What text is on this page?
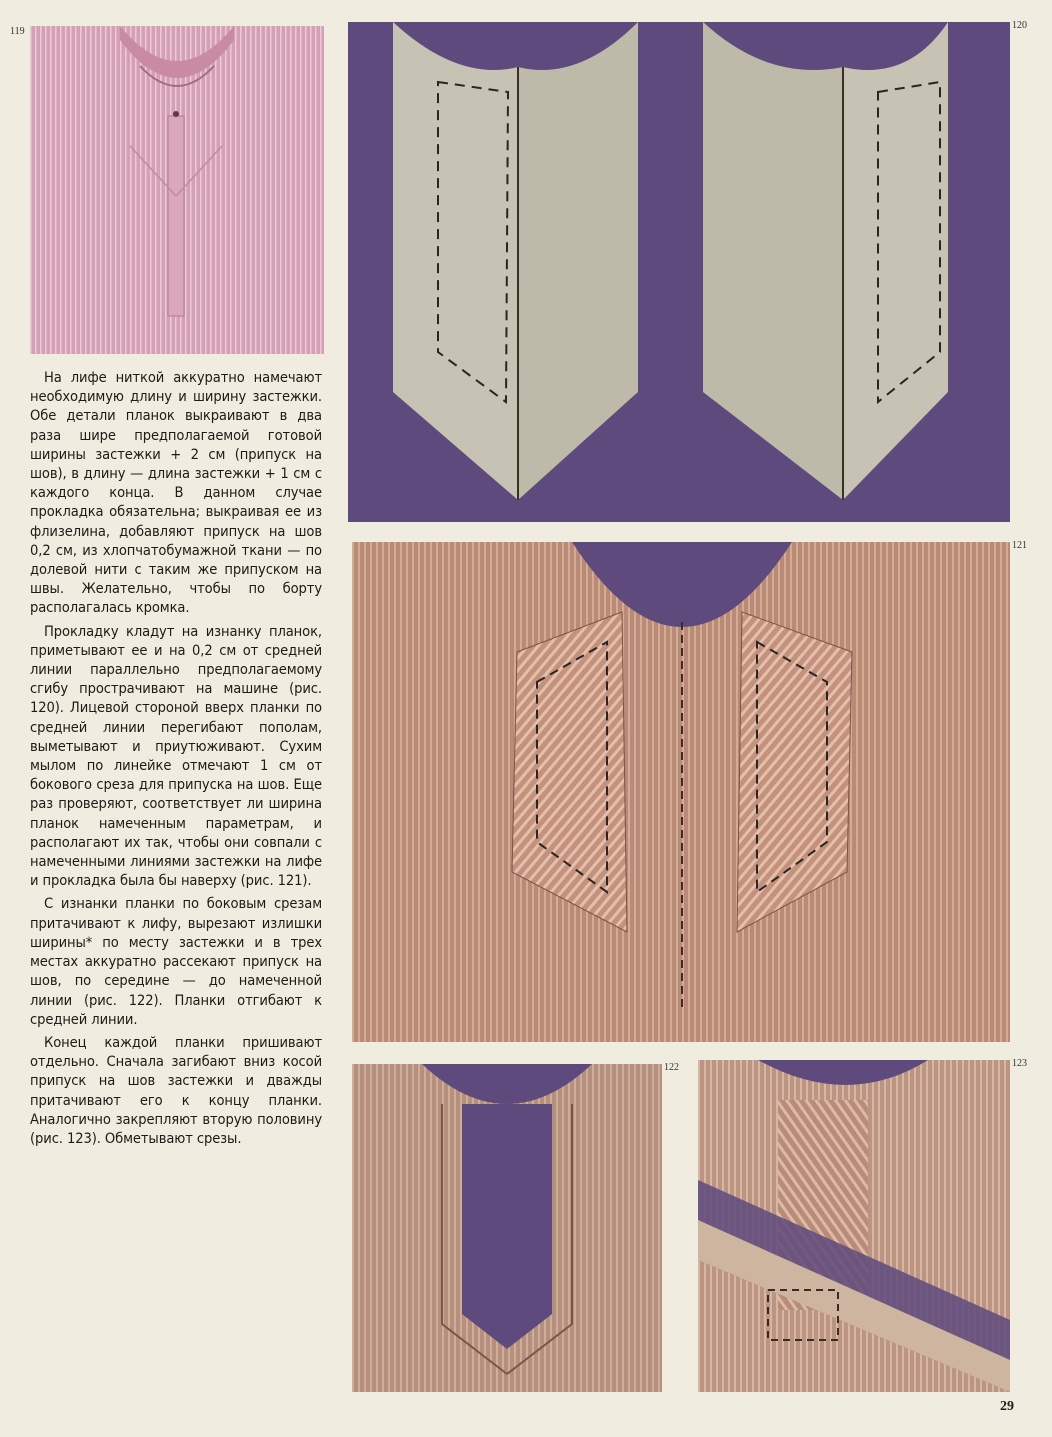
119
120
121

На лифе ниткой аккуратно намечают необходимую длину и ширину застежки. Обе детали планок выкраивают в два раза шире предполагаемой готовой ширины застежки + 2 см (припуск на шов), в длину — длина застежки + 1 см с каждого конца. В данном случае прокладка обязательна; выкраивая ее из флизелина, добавляют припуск на шов 0,2 см, из хлопчатобумажной ткани — по долевой нити с таким же припуском на швы. Желательно, чтобы по борту располагалась кромка.

Прокладку кладут на изнанку планок, приметывают ее и на 0,2 см от средней линии параллельно предполагаемому сгибу прострачивают на машине (рис. 120). Лицевой стороной вверх планки по средней линии перегибают пополам, выметывают и приутюживают. Сухим мылом по линейке отмечают 1 см от бокового среза для припуска на шов. Еще раз проверяют, соответствует ли ширина планок намеченным параметрам, и располагают их так, чтобы они совпали с намеченными линиями застежки на лифе и прокладка была бы наверху (рис. 121).

С изнанки планки по боковым срезам притачивают к лифу, вырезают излишки ширины* по месту застежки и в трех местах аккуратно рассекают припуск на шов, по середине — до намеченной линии (рис. 122). Планки отгибают к средней линии.

Конец каждой планки пришивают отдельно. Сначала загибают вниз косой припуск на шов застежки и дважды притачивают его к концу планки. Аналогично закрепляют вторую половину (рис. 123). Обметывают срезы.

122	123
29
